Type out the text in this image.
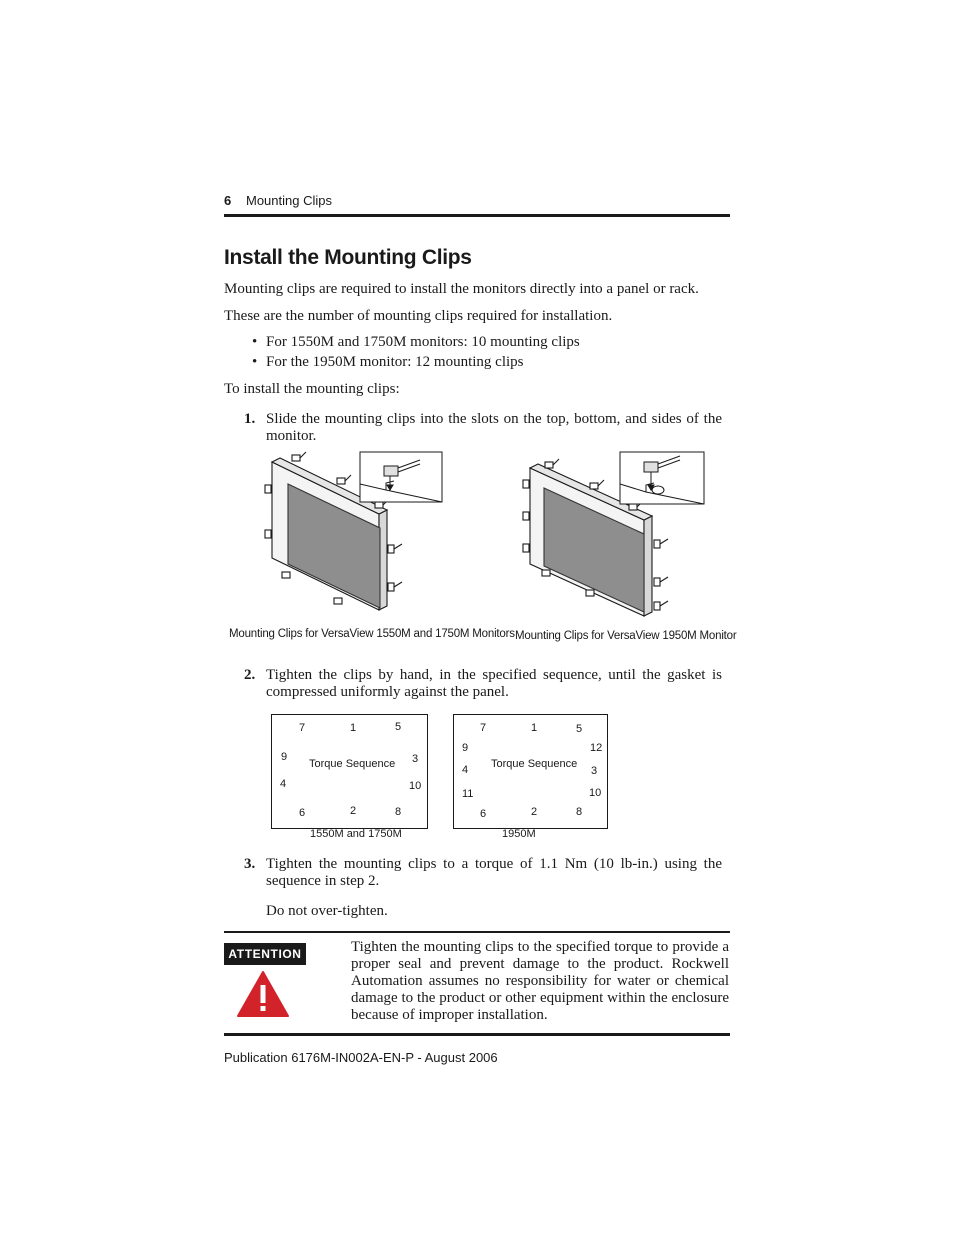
6 Mounting Clips
Install the Mounting Clips
Mounting clips are required to install the monitors directly into a panel or rack.
These are the number of mounting clips required for installation.
• For 1550M and 1750M monitors: 10 mounting clips
• For the 1950M monitor: 12 mounting clips
To install the mounting clips:
1. Slide the mounting clips into the slots on the top, bottom, and sides of the monitor.
Mounting Clips for VersaView 1550M and 1750M Monitors Mounting Clips for VersaView 1950M Monitor
2. Tighten the clips by hand, in the specified sequence, until the gasket is compressed uniformly against the panel.
7	1	5
9	3
Torque Sequence
4	10
6	2	8
1550M and 1750M
7	1	5
9	12
4 Torque Sequence
3
11	10
6	2	8
1950M
3. Tighten the mounting clips to a torque of 1.1 Nm (10 lb-in.) using the sequence in step 2.
Do not over-tighten.
ATTENTION	Tighten the mounting clips to the specified torque to provide a proper seal and prevent damage to the product. Rockwell Automation assumes no responsibility for water or chemical damage to the product or other equipment within the enclosure because of improper installation.
Publication 6176M-IN002A-EN-P - August 2006
